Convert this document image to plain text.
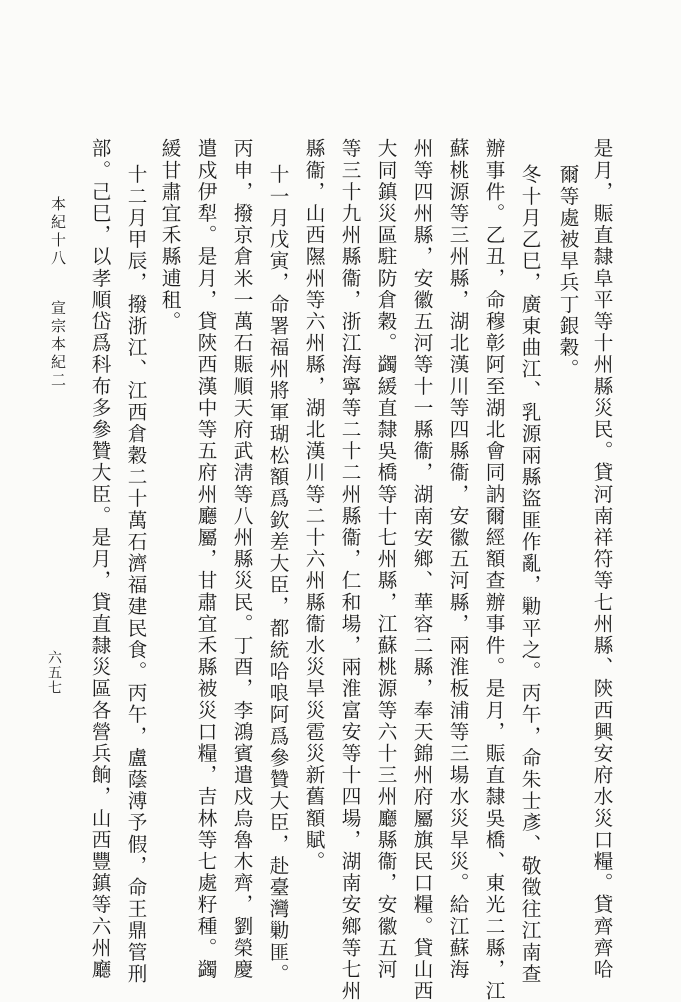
是月，賑直隸阜平等十州縣災民。貸河南祥符等七州縣、陝西興安府水災口糧。貸齊齊哈
爾等處被旱兵丁銀穀。
冬十月乙巳，廣東曲江、乳源兩縣盜匪作亂，勦平之。丙午，命朱士彥、敬徵往江南查
辦事件。乙丑，命穆彰阿至湖北會同訥爾經額查辦事件。是月，賑直隸吳橋、東光二縣，江
蘇桃源等三州縣，湖北漢川等四縣衞，安徽五河縣，兩淮板浦等三場水災旱災。給江蘇海
州等四州縣，安徽五河等十一縣衞，湖南安鄉、華容二縣，奉天錦州府屬旗民口糧。貸山西
大同鎮災區駐防倉穀。蠲緩直隸吳橋等十七州縣，江蘇桃源等六十三州廳縣衞，安徽五河
等三十九州縣衞，浙江海寧等二十二州縣衞，仁和場，兩淮富安等十四場，湖南安鄉等七州
縣衞，山西隰州等六州縣，湖北漢川等二十六州縣衞水災旱災雹災新舊額賦。
十一月戊寅，命署福州將軍瑚松額爲欽差大臣，都統哈哴阿爲參贊大臣，赴臺灣勦匪。
丙申，撥京倉米一萬石賑順天府武淸等八州縣災民。丁酉，李鴻賓遣戍烏魯木齊，劉榮慶
遣戍伊犁。是月，貸陝西漢中等五府州廳屬，甘肅宜禾縣被災口糧，吉林等七處籽種。蠲
緩甘肅宜禾縣逋租。
十二月甲辰，撥浙江、江西倉穀二十萬石濟福建民食。丙午，盧蔭溥予假，命王鼎管刑
部。己巳，以孝順岱爲科布多參贊大臣。是月，貸直隸災區各營兵餉，山西豐鎮等六州廳
本紀十八
宣宗本紀二
六五七
